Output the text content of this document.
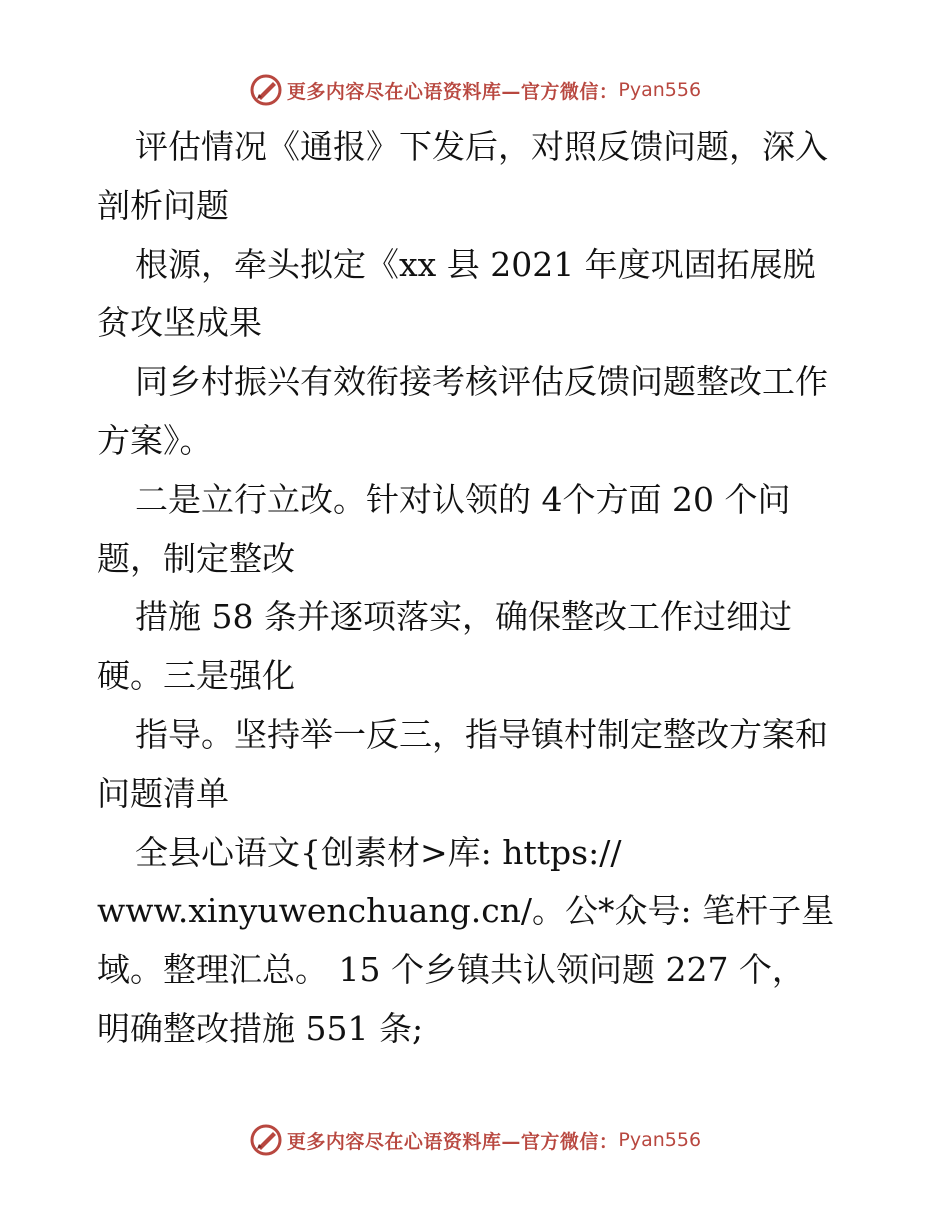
更多内容尽在心语资料库—官方微信： Pyan556
评估情况《通报》下发后，对照反馈问题，深入
剖析问题
根源，牵头拟定《xx 县 2021 年度巩固拓展脱
贫攻坚成果
同乡村振兴有效衔接考核评估反馈问题整改工作
方案》。
二是立行立改。针对认领的 4个方面 20 个问
题，制定整改
措施 58 条并逐项落实，确保整改工作过细过
硬。三是强化
指导。坚持举一反三，指导镇村制定整改方案和
问题清单
全县心语文{创素材>库: https://
www.xinyuwenchuang.cn/。公*众号: 笔杆子星
域。整理汇总。 15 个乡镇共认领问题 227 个，
明确整改措施 551 条;
更多内容尽在心语资料库—官方微信： Pyan556
